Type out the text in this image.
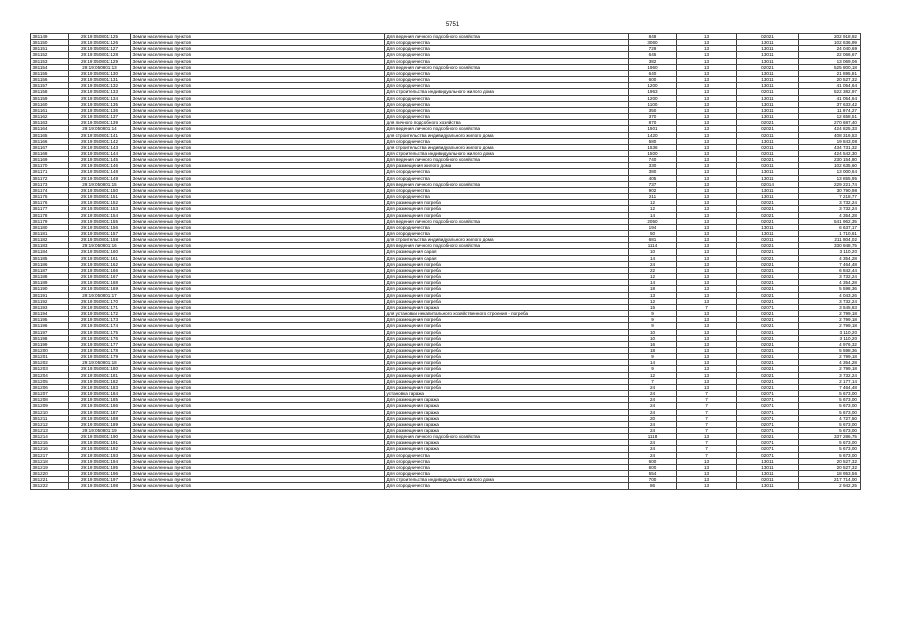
5751
381149	29:19:050801:125	Земли населенных пунктов	Для ведения личного подсобного хозяйства	848	13	02021	202 918,92
381150	29:19:050801:126	Земли населенных пунктов	Для огородничества	3060	13	13011	102 636,99
381151	29:19:050801:127	Земли населенных пунктов	Для огородничества	729	13	13011	24 040,69
381152	29:19:050801:128	Земли населенных пунктов	Для огородничества	645	13	13011	22 066,67
381153	29:19:050801:129	Земли населенных пунктов	Для огородничества	382	13	13011	13 069,06
381154	29:19:050801:13	Земли населенных пунктов	Для ведения личного подсобного хозяйства	1960	13	02021	525 800,18
381155	29:19:050801:130	Земли населенных пунктов	Для огородничества	640	13	13011	21 895,81
381156	29:19:050801:131	Земли населенных пунктов	Для огородничества	600	13	13011	20 527,32
381157	29:19:050801:132	Земли населенных пунктов	Для огородничества	1200	13	13011	41 054,64
381158	29:19:050801:133	Земли населенных пунктов	Для строительства индивидуального жилого дома	1963	13	02011	522 382,97
381159	29:19:050801:134	Земли населенных пунктов	Для огородничества	1200	13	13011	41 054,64
381160	29:19:050801:135	Земли населенных пунктов	Для огородничества	1100	13	13011	37 633,42
381161	29:19:050801:136	Земли населенных пунктов	Для огородничества	350	13	13011	11 974,27
381162	29:19:050801:137	Земли населенных пунктов	Для огородничества	370	13	13011	12 658,51
381163	29:19:050801:139	Земли населенных пунктов	для личного подсобного хозяйства	870	13	02021	270 687,40
381164	29:19:050801:14	Земли населенных пунктов	Для ведения личного подсобного хозяйства	1501	13	02021	424 825,33
381165	29:19:050801:141	Земли населенных пунктов	для строительства индивидуального жилого дома	1420	13	02011	408 316,53
381166	29:19:050801:142	Земли населенных пунктов	Для огородничества	580	13	13011	19 843,08
381167	29:19:050801:143	Земли населенных пунктов	для строительства индивидуального жилого дома	1536	13	02011	434 731,32
381168	29:19:050801:144	Земли населенных пунктов	Для строительства индивидуального жилого дома	1500	13	02011	424 542,30
381169	29:19:050801:145	Земли населенных пунктов	Для ведения личного подсобного хозяйства	740	13	02021	230 154,80
381170	29:19:050801:146	Земли населенных пунктов	Для размещения жилого дома	330	13	02011	102 635,60
381171	29:19:050801:148	Земли населенных пунктов	Для огородничества	380	13	13011	13 000,64
381172	29:19:050801:149	Земли населенных пунктов	Для огородничества	405	13	13011	13 855,95
381173	29:19:050801:15	Земли населенных пунктов	Для ведения личного подсобного хозяйства	737	13	02014	229 221,74
381174	29:19:050801:150	Земли населенных пунктов	Для огородничества	902	13	13011	30 790,98
381175	29:19:050801:151	Земли населенных пунктов	Для огородничества	211	13	13011	7 218,77
381176	29:19:050801:152	Земли населенных пунктов	Для размещения погреба	12	13	02021	3 732,24
381177	29:19:050801:153	Земли населенных пунктов	Для размещения погреба	12	13	02021	3 732,24
381178	29:19:050801:154	Земли населенных пунктов	Для размещения погреба	14	13	02021	4 354,28
381179	29:19:050801:155	Земли населенных пунктов	Для ведения личного подсобного хозяйства	2050	13	02021	541 962,35
381180	29:19:050801:156	Земли населенных пунктов	Для огородничества	194	13	13011	6 637,17
381181	29:19:050801:157	Земли населенных пунктов	Для огородничества	50	13	13011	1 710,61
381182	29:19:050801:158	Земли населенных пунктов	для строительства индивидуального жилого дома	681	13	02011	211 804,02
381183	29:19:050801:16	Земли населенных пунктов	Для ведения личного подсобного хозяйства	1114	13	02021	330 948,75
381184	29:19:050801:160	Земли населенных пунктов	Для размещения сарая	10	13	02021	3 110,20
381185	29:19:050801:161	Земли населенных пунктов	Для размещения сарая	14	13	02021	4 354,28
381186	29:19:050801:162	Земли населенных пунктов	Для размещения погреба	24	13	02021	7 464,48
381187	29:19:050801:166	Земли населенных пунктов	Для размещения погреба	22	13	02021	6 842,44
381188	29:19:050801:167	Земли населенных пунктов	Для размещения погреба	12	13	02021	3 732,24
381189	29:19:050801:168	Земли населенных пунктов	Для размещения погреба	14	13	02021	4 354,28
381190	29:19:050801:169	Земли населенных пунктов	Для размещения погреба	18	13	02021	5 598,36
381191	29:19:050801:17	Земли населенных пунктов	Для размещения погреба	13	13	02021	4 043,26
381192	29:19:050801:170	Земли населенных пунктов	Для размещения погреба	12	13	02021	3 732,24
381193	29:19:050801:171	Земли населенных пунктов	Для размещения гаража	15	7	02071	3 545,63
381194	29:19:050801:172	Земли населенных пунктов	для установки некапитального хозяйственного строения - погреба	9	13	02021	2 799,18
381195	29:19:050801:173	Земли населенных пунктов	Для размещения погреба	9	13	02021	2 799,18
381196	29:19:050801:174	Земли населенных пунктов	Для размещения погреба	9	13	02021	2 799,18
381197	29:19:050801:175	Земли населенных пунктов	Для размещения погреба	10	13	02021	3 110,20
381198	29:19:050801:176	Земли населенных пунктов	Для размещения погреба	10	13	02021	3 110,20
381199	29:19:050801:177	Земли населенных пунктов	Для размещения погреба	16	13	02021	4 976,32
381200	29:19:050801:178	Земли населенных пунктов	Для размещения погреба	18	13	02021	5 598,36
381201	29:19:050801:179	Земли населенных пунктов	Для размещения погреба	9	13	02021	2 799,18
381202	29:19:050801:18	Земли населенных пунктов	Для размещения погреба	14	13	02021	4 354,28
381203	29:19:050801:180	Земли населенных пунктов	Для размещения погреба	9	13	02021	2 799,18
381204	29:19:050801:181	Земли населенных пунктов	Для размещения погреба	12	13	02021	3 732,24
381205	29:19:050801:182	Земли населенных пунктов	Для размещения погреба	7	13	02021	2 177,14
381206	29:19:050801:183	Земли населенных пунктов	Для размещения погреба	24	13	02021	7 464,48
381207	29:19:050801:184	Земли населенных пунктов	установка гаража	24	7	02071	5 673,00
381208	29:19:050801:185	Земли населенных пунктов	Для размещения гаража	24	7	02071	5 673,00
381209	29:19:050801:186	Земли населенных пунктов	Для размещения гаража	24	7	02071	5 673,00
381210	29:19:050801:187	Земли населенных пунктов	Для размещения гаража	24	7	02071	5 673,00
381211	29:19:050801:188	Земли населенных пунктов	Для размещения гаража	20	7	02071	4 727,50
381212	29:19:050801:189	Земли населенных пунктов	Для размещения гаража	24	7	02071	5 673,00
381213	29:19:050801:19	Земли населенных пунктов	Для размещения гаража	24	7	02071	5 673,00
381214	29:19:050801:190	Земли населенных пунктов	Для ведения личного подсобного хозяйства	1118	13	02021	337 286,75
381215	29:19:050801:191	Земли населенных пунктов	Для размещения гаража	24	7	02071	5 673,00
381216	29:19:050801:192	Земли населенных пунктов	Для размещения гаража	24	7	02071	5 673,00
381217	29:19:050801:193	Земли населенных пунктов	Для огородничества	24	7	02071	5 673,00
381218	29:19:050801:194	Земли населенных пунктов	Для огородничества	600	13	13011	20 527,32
381219	29:19:050801:195	Земли населенных пунктов	Для огородничества	600	13	13011	20 527,32
381220	29:19:050801:196	Земли населенных пунктов	Для огородничества	554	13	13011	18 953,56
381221	29:19:050801:197	Земли населенных пунктов	Для строительства индивидуального жилого дома	700	13	02011	217 714,00
381222	29:19:050801:198	Земли населенных пунктов	Для огородничества	86	13	13011	2 942,25
